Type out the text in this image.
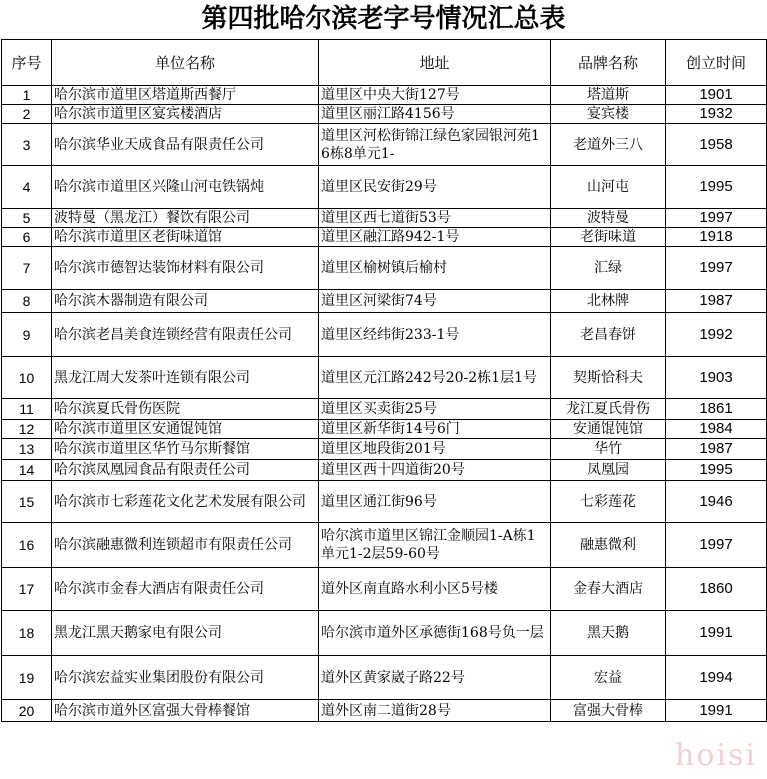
第四批哈尔滨老字号情况汇总表
序号	单位名称	地址	品牌名称	创立时间
1	哈尔滨市道里区塔道斯西餐厅	道里区中央大街127号	塔道斯	1901
2	哈尔滨市道里区宴宾楼酒店	道里区丽江路4156号	宴宾楼	1932
3	哈尔滨华业天成食品有限责任公司	道里区河松街锦江绿色家园银河苑16栋8单元1-	老道外三八	1958
4	哈尔滨市道里区兴隆山河屯铁锅炖	道里区民安街29号	山河屯	1995
5	波特曼（黑龙江）餐饮有限公司	道里区西七道街53号	波特曼	1997
6	哈尔滨市道里区老街味道馆	道里区融江路942-1号	老街味道	1918
7	哈尔滨市德智达装饰材料有限公司	道里区榆树镇后榆村	汇绿	1997
8	哈尔滨木器制造有限公司	道里区河梁街74号	北林牌	1987
9	哈尔滨老昌美食连锁经营有限责任公司	道里区经纬街233-1号	老昌春饼	1992
10	黑龙江周大发茶叶连锁有限公司	道里区元江路242号20-2栋1层1号	契斯恰科夫	1903
11	哈尔滨夏氏骨伤医院	道里区买卖街25号	龙江夏氏骨伤	1861
12	哈尔滨市道里区安通馄饨馆	道里区新华街14号6门	安通馄饨馆	1984
13	哈尔滨市道里区华竹马尔斯餐馆	道里区地段街201号	华竹	1987
14	哈尔滨凤凰园食品有限责任公司	道里区西十四道街20号	凤凰园	1995
15	哈尔滨市七彩莲花文化艺术发展有限公司	道里区通江街96号	七彩莲花	1946
16	哈尔滨融惠微利连锁超市有限责任公司	哈尔滨市道里区锦江金顺园1-A栋1单元1-2层59-60号	融惠微利	1997
17	哈尔滨市金春大酒店有限责任公司	道外区南直路水利小区5号楼	金春大酒店	1860
18	黑龙江黑天鹅家电有限公司	哈尔滨市道外区承德街168号负一层	黑天鹅	1991
19	哈尔滨宏益实业集团股份有限公司	道外区黄家崴子路22号	宏益	1994
20	哈尔滨市道外区富强大骨棒餐馆	道外区南二道街28号	富强大骨棒	1991
hoisi
